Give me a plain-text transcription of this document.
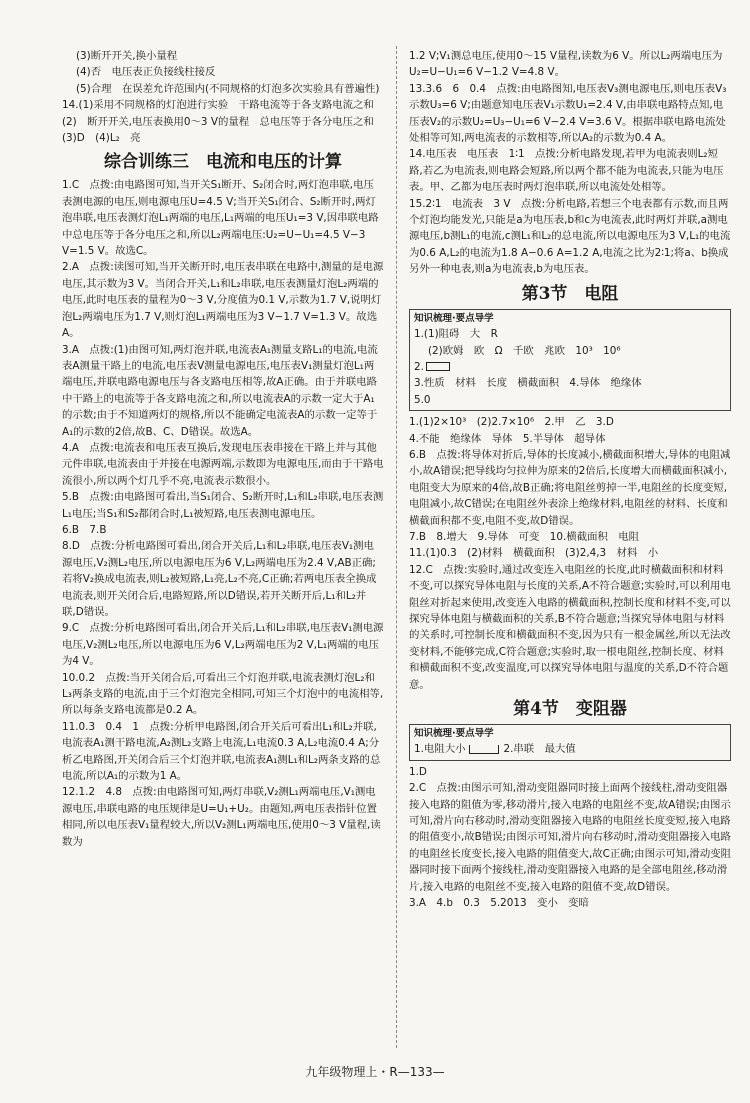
(3)断开开关,换小量程

(4)否　电压表正负接线柱接反

(5)合理　在误差允许范围内(不同规格的灯泡多次实验具有普遍性)

14.(1)采用不同规格的灯泡进行实验　干路电流等于各支路电流之和

(2)　断开开关,电压表换用0～3 V的量程　总电压等于各分电压之和

(3)D　(4)L₂　亮

综合训练三　电流和电压的计算

1.C　点拨:由电路图可知,当开关S₁断开、S₂闭合时,两灯泡串联,电压表测电源的电压,则电源电压U=4.5 V;当开关S₁闭合、S₂断开时,两灯泡串联,电压表测灯泡L₁两端的电压,L₁两端的电压U₁=3 V,因串联电路中总电压等于各分电压之和,所以L₂两端电压:U₂=U−U₁=4.5 V−3 V=1.5 V。故选C。

2.A　点拨:读图可知,当开关断开时,电压表串联在电路中,测量的是电源电压,其示数为3 V。当闭合开关,L₁和L₂串联,电压表测量灯泡L₂两端的电压,此时电压表的量程为0～3 V,分度值为0.1 V,示数为1.7 V,说明灯泡L₂两端电压为1.7 V,则灯泡L₁两端电压为3 V−1.7 V=1.3 V。故选A。

3.A　点拨:(1)由图可知,两灯泡并联,电流表A₁测量支路L₁的电流,电流表A测量干路上的电流,电压表V测量电源电压,电压表V₁测量灯泡L₁两端电压,并联电路电源电压与各支路电压相等,故A正确。由于并联电路中干路上的电流等于各支路电流之和,所以电流表A的示数一定大于A₁的示数;由于不知道两灯的规格,所以不能确定电流表A的示数一定等于A₁的示数的2倍,故B、C、D错误。故选A。

4.A　点拨:电流表和电压表互换后,发现电压表串接在干路上并与其他元件串联,电流表由于并接在电源两端,示数即为电源电压,而由于干路电流很小,所以两个灯几乎不亮,电流表示数很小。

5.B　点拨:由电路图可看出,当S₁闭合、S₂断开时,L₁和L₂串联,电压表测L₁电压;当S₁和S₂都闭合时,L₁被短路,电压表测电源电压。

6.B　7.B

8.D　点拨:分析电路图可看出,闭合开关后,L₁和L₂串联,电压表V₁测电源电压,V₂测L₂电压,所以电源电压为6 V,L₂两端电压为2.4 V,AB正确;若将V₂换成电流表,则L₂被短路,L₁亮,L₂不亮,C正确;若两电压表全换成电流表,则开关闭合后,电路短路,所以D错误,若开关断开后,L₁和L₂并联,D错误。

9.C　点拨:分析电路图可看出,闭合开关后,L₁和L₂串联,电压表V₁测电源电压,V₂测L₂电压,所以电源电压为6 V,L₂两端电压为2 V,L₁两端的电压为4 V。

10.0.2　点拨:当开关闭合后,可看出三个灯泡并联,电流表测灯泡L₂和L₃两条支路的电流,由于三个灯泡完全相同,可知三个灯泡中的电流相等,所以每条支路电流都是0.2 A。

11.0.3　0.4　1　点拨:分析甲电路图,闭合开关后可看出L₁和L₂并联,电流表A₁测干路电流,A₂测L₂支路上电流,L₁电流0.3 A,L₂电流0.4 A;分析乙电路图,开关闭合后三个灯泡并联,电流表A₁测L₁和L₂两条支路的总电流,所以A₁的示数为1 A。

12.1.2　4.8　点拨:由电路图可知,两灯串联,V₂测L₁两端电压,V₁测电源电压,串联电路的电压规律是U=U₁+U₂。由题知,两电压表指针位置相同,所以电压表V₁量程较大,所以V₂测L₁两端电压,使用0～3 V量程,读数为

1.2 V;V₁测总电压,使用0～15 V量程,读数为6 V。所以L₂两端电压为U₂=U−U₁=6 V−1.2 V=4.8 V。

13.3.6　6　0.4　点拨:由电路图知,电压表V₃测电源电压,则电压表V₃示数U₃=6 V;由题意知电压表V₁示数U₁=2.4 V,由串联电路特点知,电压表V₂的示数U₂=U₃−U₁=6 V−2.4 V=3.6 V。根据串联电路电流处处相等可知,两电流表的示数相等,所以A₂的示数为0.4 A。

14.电压表　电压表　1∶1　点拨:分析电路发现,若甲为电流表则L₂短路,若乙为电流表,则电路会短路,所以两个都不能为电流表,只能为电压表。甲、乙都为电压表时两灯泡串联,所以电流处处相等。

15.2∶1　电流表　3 V　点拨:分析电路,若想三个电表都有示数,而且两个灯泡均能发光,只能是a为电压表,b和c为电流表,此时两灯并联,a测电源电压,b测L₁的电流,c测L₁和L₂的总电流,所以电源电压为3 V,L₁的电流为0.6 A,L₂的电流为1.8 A−0.6 A=1.2 A,电流之比为2∶1;将a、b换成另外一种电表,则a为电流表,b为电压表。

第3节　电阻
知识梳理·要点导学

1.(1)阻碍　大　R

(2)欧姆　欧　Ω　千欧　兆欧　10³　10⁶

2.

3.性质　材料　长度　横截面积　4.导体　绝缘体

5.0

1.(1)2×10³　(2)2.7×10⁶　2.甲　乙　3.D

4.不能　绝缘体　导体　5.半导体　超导体

6.B　点拨:将导体对折后,导体的长度减小,横截面积增大,导体的电阻减小,故A错误;把导线均匀拉伸为原来的2倍后,长度增大而横截面积减小,电阻变大为原来的4倍,故B正确;将电阻丝剪掉一半,电阻丝的长度变短,电阻减小,故C错误;在电阻丝外表涂上绝缘材料,电阻丝的材料、长度和横截面积都不变,电阻不变,故D错误。

7.B　8.增大　9.导体　可变　10.横截面积　电阻

11.(1)0.3　(2)材料　横截面积　(3)2,4,3　材料　小

12.C　点拨:实验时,通过改变连入电阻丝的长度,此时横截面积和材料不变,可以探究导体电阻与长度的关系,A不符合题意;实验时,可以利用电阻丝对折起来使用,改变连入电路的横截面积,控制长度和材料不变,可以探究导体电阻与横截面积的关系,B不符合题意;当探究导体电阻与材料的关系时,可控制长度和横截面积不变,因为只有一根金属丝,所以无法改变材料,不能够完成,C符合题意;实验时,取一根电阻丝,控制长度、材料和横截面积不变,改变温度,可以探究导体电阻与温度的关系,D不符合题意。

第4节　变阻器
知识梳理·要点导学

1.电阻大小	2.串联　最大值

1.D

2.C　点拨:由图示可知,滑动变阻器同时接上面两个接线柱,滑动变阻器接入电路的阻值为零,移动滑片,接入电路的电阻丝不变,故A错误;由图示可知,滑片向右移动时,滑动变阻器接入电路的电阻丝长度变短,接入电路的阻值变小,故B错误;由图示可知,滑片向右移动时,滑动变阻器接入电路的电阻丝长度变长,接入电路的阻值变大,故C正确;由图示可知,滑动变阻器同时接下面两个接线柱,滑动变阻器接入电路的是全部电阻丝,移动滑片,接入电路的电阻丝不变,接入电路的阻值不变,故D错误。

3.A　4.b　0.3　5.2013　变小　变暗

九年级物理上・R—133—
